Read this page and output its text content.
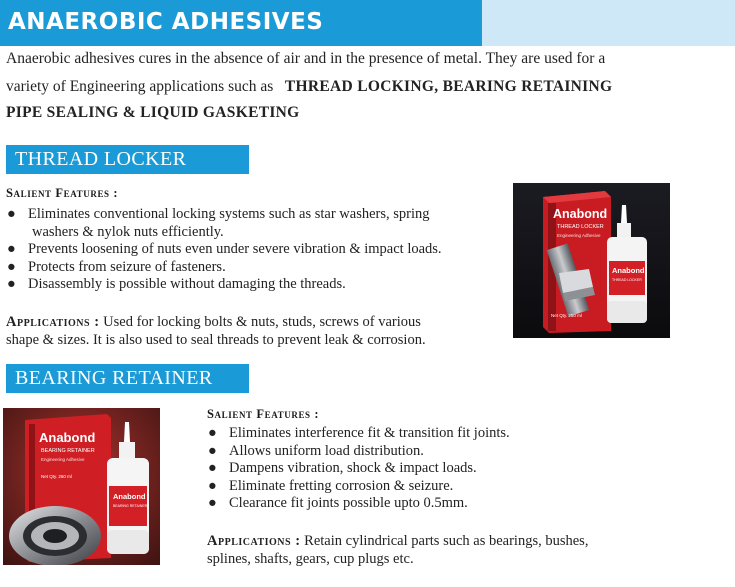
ANAEROBIC ADHESIVES
Anaerobic adhesives cures in the absence of air and in the presence of metal. They are used for a
variety of Engineering applications such as THREAD LOCKING, BEARING RETAINING
PIPE SEALING & LIQUID GASKETING
THREAD LOCKER
Salient Features :
● Eliminates conventional locking systems such as star washers, spring
washers & nylok nuts efficiently.
● Prevents loosening of nuts even under severe vibration & impact loads.
● Protects from seizure of fasteners.
● Disassembly is possible without damaging the threads.
Applications : Used for locking bolts & nuts, studs, screws of various
shape & sizes. It is also used to seal threads to prevent leak & corrosion.
Anabond
THREAD LOCKER
Engineering Adhesive
Net Qty. 250 ml
Anabond
THREAD LOCKER
BEARING RETAINER
Anabond
BEARING RETAINER
Engineering Adhesive
Net Qty. 250 ml
Anabond
BEARING RETAINER
Salient Features :
● Eliminates interference fit & transition fit joints.
● Allows uniform load distribution.
● Dampens vibration, shock & impact loads.
● Eliminate fretting corrosion & seizure.
● Clearance fit joints possible upto 0.5mm.
Applications : Retain cylindrical parts such as bearings, bushes,
splines, shafts, gears, cup plugs etc.
